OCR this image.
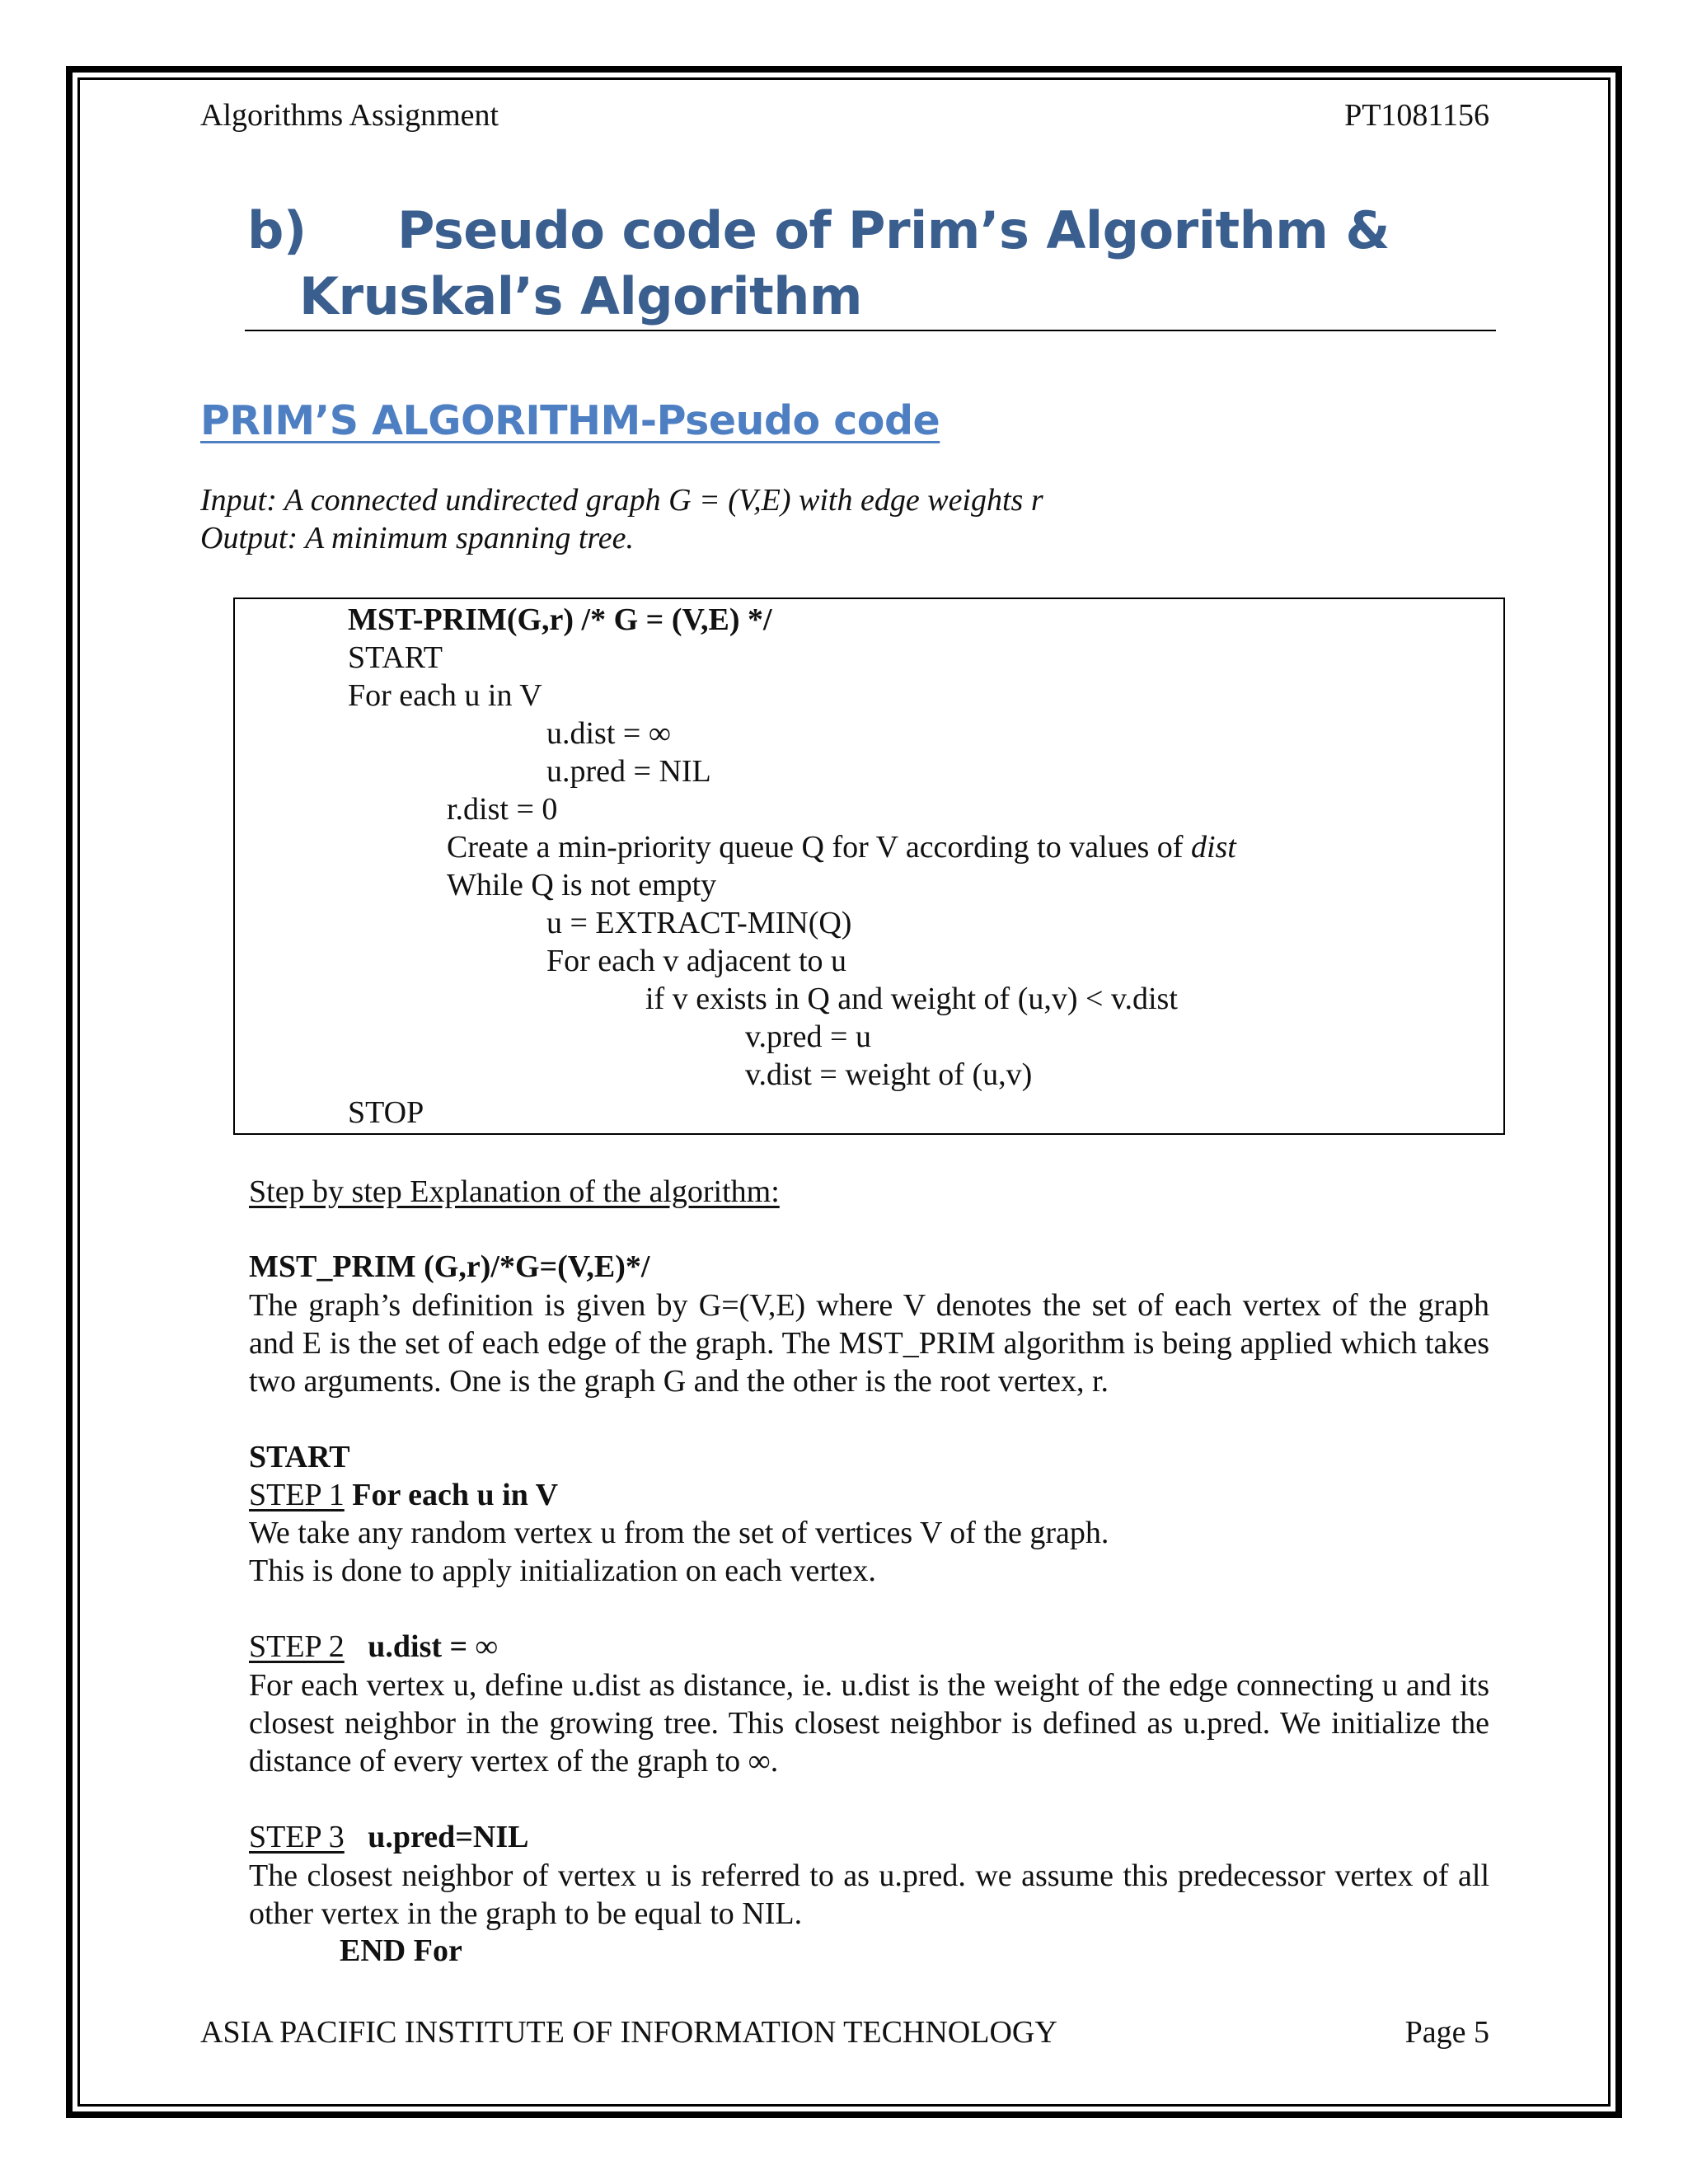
Algorithms Assignment	PT1081156
b) Pseudo code of Prim’s Algorithm &
Kruskal’s Algorithm
PRIM’S ALGORITHM-Pseudo code
Input: A connected undirected graph G = (V,E) with edge weights r
Output: A minimum spanning tree.
MST-PRIM(G,r) /* G = (V,E) */
START
For each u in V
u.dist = ∞
u.pred = NIL
r.dist = 0
Create a min-priority queue Q for V according to values of dist
While Q is not empty
u = EXTRACT-MIN(Q)
For each v adjacent to u
if v exists in Q and weight of (u,v) < v.dist
v.pred = u
v.dist = weight of (u,v)
STOP
Step by step Explanation of the algorithm:
MST_PRIM (G,r)/*G=(V,E)*/
The graph’s definition is given by G=(V,E) where V denotes the set of each vertex of the graph and E is the set of each edge of the graph. The MST_PRIM algorithm is being applied which takes two arguments. One is the graph G and the other is the root vertex, r.
START
STEP 1 For each u in V
We take any random vertex u from the set of vertices V of the graph.
This is done to apply initialization on each vertex.
STEP 2 u.dist = ∞
For each vertex u, define u.dist as distance, ie. u.dist is the weight of the edge connecting u and its closest neighbor in the growing tree. This closest neighbor is defined as u.pred. We initialize the distance of every vertex of the graph to ∞.
STEP 3 u.pred=NIL
The closest neighbor of vertex u is referred to as u.pred. we assume this predecessor vertex of all other vertex in the graph to be equal to NIL.
END For
ASIA PACIFIC INSTITUTE OF INFORMATION TECHNOLOGY	Page 5
